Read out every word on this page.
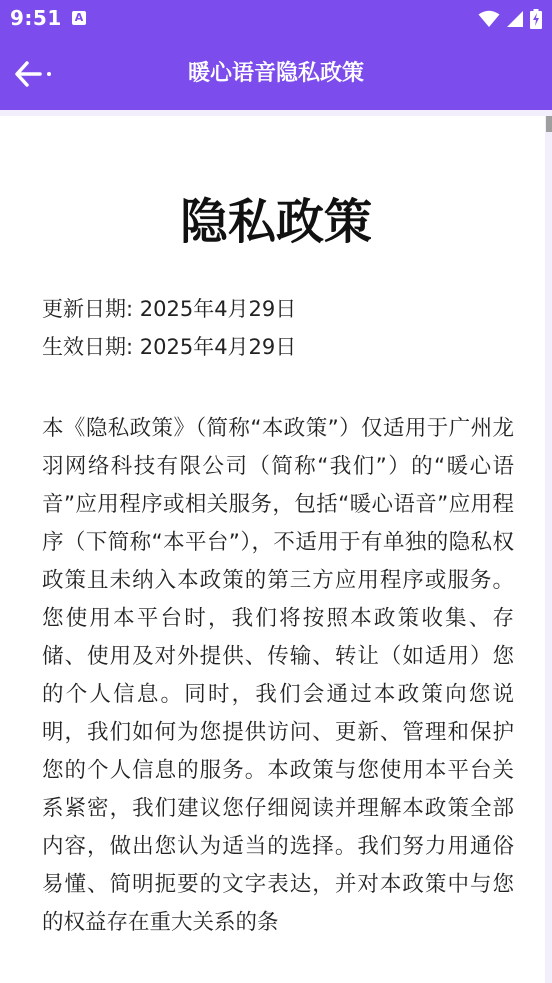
9:51 A
暖心语音隐私政策
隐私政策
更新日期: 2025年4月29日
生效日期: 2025年4月29日
本《隐私政策》（简称“本政策”）仅适用于广州龙羽网络科技有限公司（简称“我们”）的“暖心语音”应用程序或相关服务，包括“暖心语音”应用程序（下简称“本平台”），不适用于有单独的隐私权政策且未纳入本政策的第三方应用程序或服务。您使用本平台时，我们将按照本政策收集、存储、使用及对外提供、传输、转让（如适用）您的个人信息。同时，我们会通过本政策向您说明，我们如何为您提供访问、更新、管理和保护您的个人信息的服务。本政策与您使用本平台关系紧密，我们建议您仔细阅读并理解本政策全部内容，做出您认为适当的选择。我们努力用通俗易懂、简明扼要的文字表达，并对本政策中与您的权益存在重大关系的条
